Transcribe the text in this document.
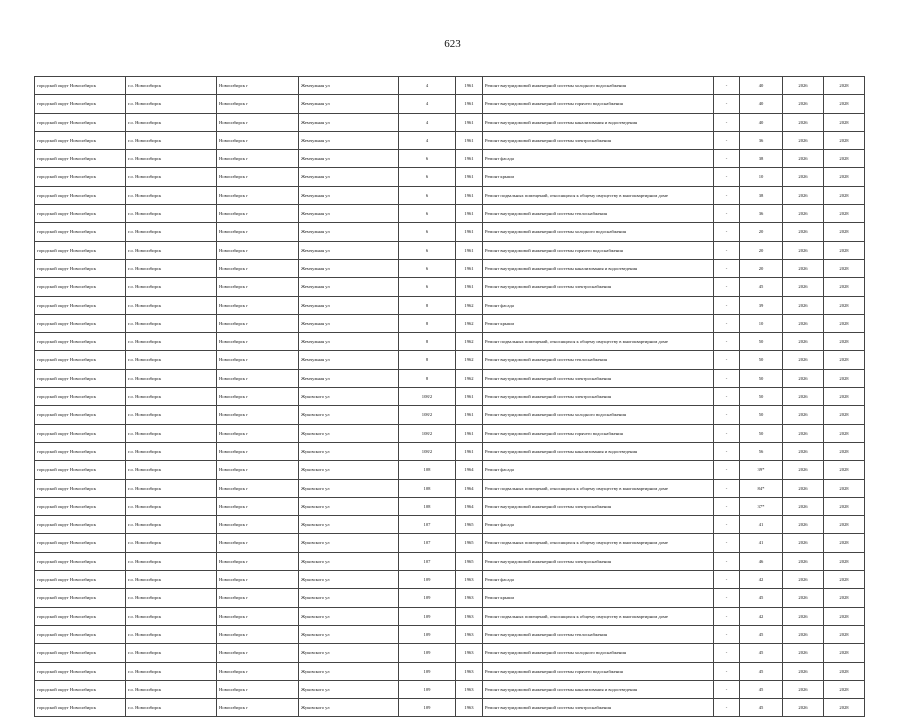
623
городской округ Новосибирск	г.о. Новосибирск	Новосибирск г	Жемчужная ул	4	1961	Ремонт внутридомовой инженерной системы холодного водоснабжения	-	40	2026	2028
городской округ Новосибирск	г.о. Новосибирск	Новосибирск г	Жемчужная ул	4	1961	Ремонт внутридомовой инженерной системы горячего водоснабжения	-	40	2026	2028
городской округ Новосибирск	г.о. Новосибирск	Новосибирск г	Жемчужная ул	4	1961	Ремонт внутридомовой инженерной системы канализования и водоотведения	-	40	2026	2028
городской округ Новосибирск	г.о. Новосибирск	Новосибирск г	Жемчужная ул	4	1961	Ремонт внутридомовой инженерной системы электроснабжения	-	36	2026	2028
городской округ Новосибирск	г.о. Новосибирск	Новосибирск г	Жемчужная ул	6	1961	Ремонт фасада	-	38	2026	2028
городской округ Новосибирск	г.о. Новосибирск	Новосибирск г	Жемчужная ул	6	1961	Ремонт крыши	-	10	2026	2028
городской округ Новосибирск	г.о. Новосибирск	Новосибирск г	Жемчужная ул	6	1961	Ремонт подвальных помещений, относящихся к общему имуществу в многоквартирном доме	-	38	2026	2028
городской округ Новосибирск	г.о. Новосибирск	Новосибирск г	Жемчужная ул	6	1961	Ремонт внутридомовой инженерной системы теплоснабжения	-	36	2026	2028
городской округ Новосибирск	г.о. Новосибирск	Новосибирск г	Жемчужная ул	6	1961	Ремонт внутридомовой инженерной системы холодного водоснабжения	-	20	2026	2028
городской округ Новосибирск	г.о. Новосибирск	Новосибирск г	Жемчужная ул	6	1961	Ремонт внутридомовой инженерной системы горячего водоснабжения	-	20	2026	2028
городской округ Новосибирск	г.о. Новосибирск	Новосибирск г	Жемчужная ул	6	1961	Ремонт внутридомовой инженерной системы канализования и водоотведения	-	20	2026	2028
городской округ Новосибирск	г.о. Новосибирск	Новосибирск г	Жемчужная ул	6	1961	Ремонт внутридомовой инженерной системы электроснабжения	-	45	2026	2028
городской округ Новосибирск	г.о. Новосибирск	Новосибирск г	Жемчужная ул	8	1962	Ремонт фасада	-	39	2026	2028
городской округ Новосибирск	г.о. Новосибирск	Новосибирск г	Жемчужная ул	8	1962	Ремонт крыши	-	10	2026	2028
городской округ Новосибирск	г.о. Новосибирск	Новосибирск г	Жемчужная ул	8	1962	Ремонт подвальных помещений, относящихся к общему имуществу в многоквартирном доме	-	50	2026	2028
городской округ Новосибирск	г.о. Новосибирск	Новосибирск г	Жемчужная ул	8	1962	Ремонт внутридомовой инженерной системы теплоснабжения	-	50	2026	2028
городской округ Новосибирск	г.о. Новосибирск	Новосибирск г	Жемчужная ул	8	1962	Ремонт внутридомовой инженерной системы электроснабжения	-	50	2026	2028
городской округ Новосибирск	г.о. Новосибирск	Новосибирск г	Жуковского ул	108/2	1961	Ремонт внутридомовой инженерной системы электроснабжения	-	50	2026	2028
городской округ Новосибирск	г.о. Новосибирск	Новосибирск г	Жуковского ул	108/2	1961	Ремонт внутридомовой инженерной системы холодного водоснабжения	-	50	2026	2028
городской округ Новосибирск	г.о. Новосибирск	Новосибирск г	Жуковского ул	108/2	1961	Ремонт внутридомовой инженерной системы горячего водоснабжения	-	50	2026	2028
городской округ Новосибирск	г.о. Новосибирск	Новосибирск г	Жуковского ул	108/2	1961	Ремонт внутридомовой инженерной системы канализования и водоотведения	-	56	2026	2028
городской округ Новосибирск	г.о. Новосибирск	Новосибирск г	Жуковского ул	108	1964	Ремонт фасада	-	39*	2026	2028
городской округ Новосибирск	г.о. Новосибирск	Новосибирск г	Жуковского ул	108	1964	Ремонт подвальных помещений, относящихся к общему имуществу в многоквартирном доме	-	84*	2026	2028
городской округ Новосибирск	г.о. Новосибирск	Новосибирск г	Жуковского ул	108	1964	Ремонт внутридомовой инженерной системы электроснабжения	-	37*	2026	2028
городской округ Новосибирск	г.о. Новосибирск	Новосибирск г	Жуковского ул	107	1965	Ремонт фасада	-	41	2026	2028
городской округ Новосибирск	г.о. Новосибирск	Новосибирск г	Жуковского ул	107	1965	Ремонт подвальных помещений, относящихся к общему имуществу в многоквартирном доме	-	41	2026	2028
городской округ Новосибирск	г.о. Новосибирск	Новосибирск г	Жуковского ул	107	1965	Ремонт внутридомовой инженерной системы электроснабжения	-	46	2026	2028
городской округ Новосибирск	г.о. Новосибирск	Новосибирск г	Жуковского ул	109	1963	Ремонт фасада	-	42	2026	2028
городской округ Новосибирск	г.о. Новосибирск	Новосибирск г	Жуковского ул	109	1963	Ремонт крыши	-	45	2026	2028
городской округ Новосибирск	г.о. Новосибирск	Новосибирск г	Жуковского ул	109	1963	Ремонт подвальных помещений, относящихся к общему имуществу в многоквартирном доме	-	42	2026	2028
городской округ Новосибирск	г.о. Новосибирск	Новосибирск г	Жуковского ул	109	1963	Ремонт внутридомовой инженерной системы теплоснабжения	-	45	2026	2028
городской округ Новосибирск	г.о. Новосибирск	Новосибирск г	Жуковского ул	109	1963	Ремонт внутридомовой инженерной системы холодного водоснабжения	-	45	2026	2028
городской округ Новосибирск	г.о. Новосибирск	Новосибирск г	Жуковского ул	109	1963	Ремонт внутридомовой инженерной системы горячего водоснабжения	-	45	2026	2028
городской округ Новосибирск	г.о. Новосибирск	Новосибирск г	Жуковского ул	109	1963	Ремонт внутридомовой инженерной системы канализования и водоотведения	-	45	2026	2028
городской округ Новосибирск	г.о. Новосибирск	Новосибирск г	Жуковского ул	109	1963	Ремонт внутридомовой инженерной системы электроснабжения	-	45	2026	2028
